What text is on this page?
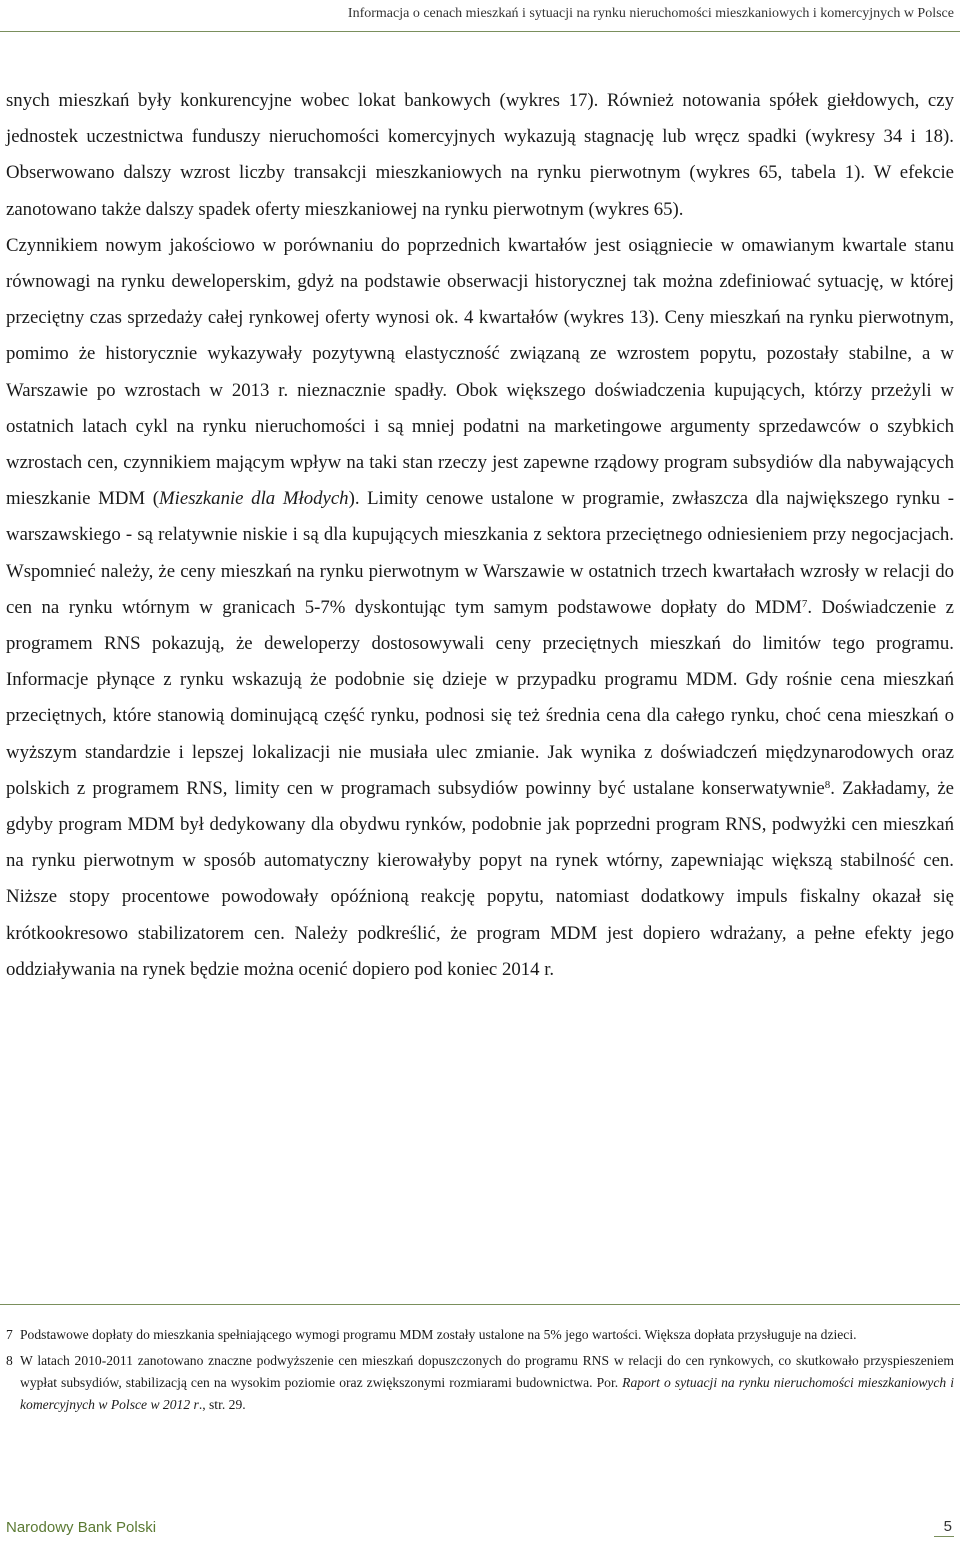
Informacja o cenach mieszkań i sytuacji na rynku nieruchomości mieszkaniowych i komercyjnych w Polsce

snych mieszkań były konkurencyjne wobec lokat bankowych (wykres 17). Również notowania spółek giełdowych, czy jednostek uczestnictwa funduszy nieruchomości komercyjnych wykazują stagnację lub wręcz spadki (wykresy 34 i 18). Obserwowano dalszy wzrost liczby transakcji mieszkaniowych na rynku pierwotnym (wykres 65, tabela 1). W efekcie zanotowano także dalszy spadek oferty mieszkaniowej na rynku pierwotnym (wykres 65).

Czynnikiem nowym jakościowo w porównaniu do poprzednich kwartałów jest osiągniecie w omawianym kwartale stanu równowagi na rynku deweloperskim, gdyż na podstawie obserwacji historycznej tak można zdefiniować sytuację, w której przeciętny czas sprzedaży całej rynkowej oferty wynosi ok. 4 kwartałów (wykres 13). Ceny mieszkań na rynku pierwotnym, pomimo że historycznie wykazywały pozytywną elastyczność związaną ze wzrostem popytu, pozostały stabilne, a w Warszawie po wzrostach w 2013 r. nieznacznie spadły. Obok większego doświadczenia kupujących, którzy przeżyli w ostatnich latach cykl na rynku nieruchomości i są mniej podatni na marketingowe argumenty sprzedawców o szybkich wzrostach cen, czynnikiem mającym wpływ na taki stan rzeczy jest zapewne rządowy program subsydiów dla nabywających mieszkanie MDM (Mieszkanie dla Młodych). Limity cenowe ustalone w programie, zwłaszcza dla największego rynku - warszawskiego - są relatywnie niskie i są dla kupujących mieszkania z sektora przeciętnego odniesieniem przy negocjacjach. Wspomnieć należy, że ceny mieszkań na rynku pierwotnym w Warszawie w ostatnich trzech kwartałach wzrosły w relacji do cen na rynku wtórnym w granicach 5-7% dyskontując tym samym podstawowe dopłaty do MDM$^7$. Doświadczenie z programem RNS pokazują, że deweloperzy dostosowywali ceny przeciętnych mieszkań do limitów tego programu. Informacje płynące z rynku wskazują że podobnie się dzieje w przypadku programu MDM. Gdy rośnie cena mieszkań przeciętnych, które stanowią dominującą część rynku, podnosi się też średnia cena dla całego rynku, choć cena mieszkań o wyższym standardzie i lepszej lokalizacji nie musiała ulec zmianie. Jak wynika z doświadczeń międzynarodowych oraz polskich z programem RNS, limity cen w programach subsydiów powinny być ustalane konserwatywnie$^8$. Zakładamy, że gdyby program MDM był dedykowany dla obydwu rynków, podobnie jak poprzedni program RNS, podwyżki cen mieszkań na rynku pierwotnym w sposób automatyczny kierowałyby popyt na rynek wtórny, zapewniając większą stabilność cen. Niższe stopy procentowe powodowały opóźnioną reakcję popytu, natomiast dodatkowy impuls fiskalny okazał się krótkookresowo stabilizatorem cen. Należy podkreślić, że program MDM jest dopiero wdrażany, a pełne efekty jego oddziaływania na rynek będzie można ocenić dopiero pod koniec 2014 r.

7 Podstawowe dopłaty do mieszkania spełniającego wymogi programu MDM zostały ustalone na 5% jego wartości. Większa dopłata przysługuje na dzieci.
8 W latach 2010-2011 zanotowano znaczne podwyższenie cen mieszkań dopuszczonych do programu RNS w relacji do cen rynkowych, co skutkowało przyspieszeniem wypłat subsydiów, stabilizacją cen na wysokim poziomie oraz zwiększonymi rozmiarami budownictwa. Por. Raport o sytuacji na rynku nieruchomości mieszkaniowych i komercyjnych w Polsce w 2012 r., str. 29.
Narodowy Bank Polski	5
